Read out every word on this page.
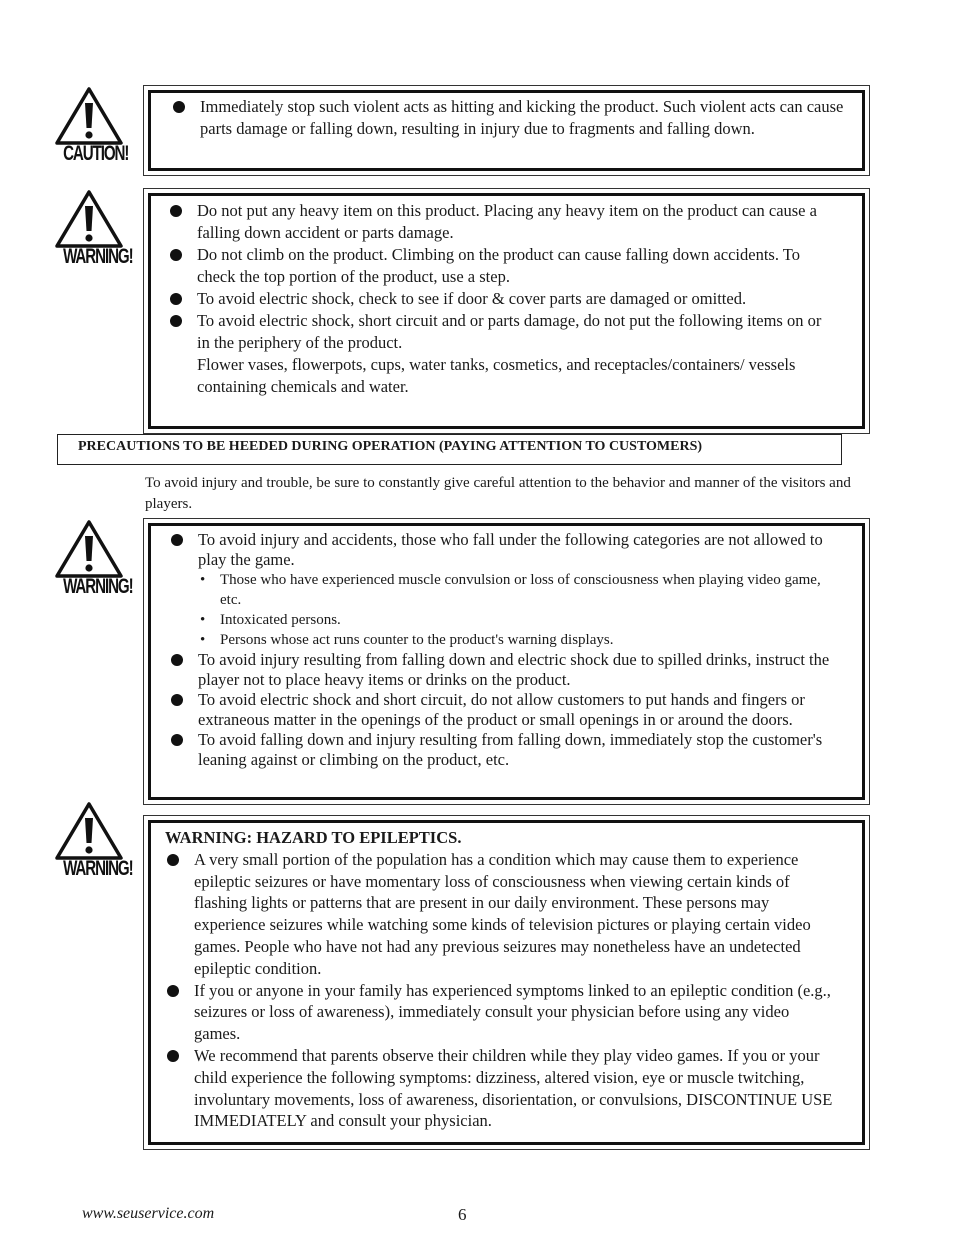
CAUTION!
Immediately stop such violent acts as hitting and kicking the product. Such violent acts can cause parts damage or falling down, resulting in injury due to fragments and falling down.
WARNING!
Do not put any heavy item on this product. Placing any heavy item on the product can cause a falling down accident or parts damage.
Do not climb on the product. Climbing on the product can cause falling down accidents. To check the top portion of the product, use a step.
To avoid electric shock, check to see if door & cover parts are damaged or omitted.
To avoid electric shock, short circuit and or parts damage, do not put the following items on or in the periphery of the product.
Flower vases, flowerpots, cups, water tanks, cosmetics, and receptacles/containers/ vessels containing chemicals and water.
PRECAUTIONS TO BE HEEDED DURING OPERATION (PAYING ATTENTION TO CUSTOMERS)
To avoid injury and trouble, be sure to constantly give careful attention to the behavior and manner of the visitors and players.
WARNING!
To avoid injury and accidents, those who fall under the following categories are not allowed to play the game.
• Those who have experienced muscle convulsion or loss of consciousness when playing video game, etc.
• Intoxicated persons.
• Persons whose act runs counter to the product's warning displays.
To avoid injury resulting from falling down and electric shock due to spilled drinks, instruct the player not to place heavy items or drinks on the product.
To avoid electric shock and short circuit, do not allow customers to put hands and fingers or extraneous matter in the openings of the product or small openings in or around the doors.
To avoid falling down and injury resulting from falling down, immediately stop the customer's leaning against or climbing on the product, etc.
WARNING!
WARNING: HAZARD TO EPILEPTICS.
A very small portion of the population has a condition which may cause them to experience epileptic seizures or have momentary loss of consciousness when viewing certain kinds of flashing lights or patterns that are present in our daily environment. These persons may experience seizures while watching some kinds of television pictures or playing certain video games. People who have not had any previous seizures may nonetheless have an undetected epileptic condition.
If you or anyone in your family has experienced symptoms linked to an epileptic condition (e.g., seizures or loss of awareness), immediately consult your physician before using any video games.
We recommend that parents observe their children while they play video games. If you or your child experience the following symptoms: dizziness, altered vision, eye or muscle twitching, involuntary movements, loss of awareness, disorientation, or convulsions, DISCONTINUE USE IMMEDIATELY and consult your physician.
www.seuservice.com	6
